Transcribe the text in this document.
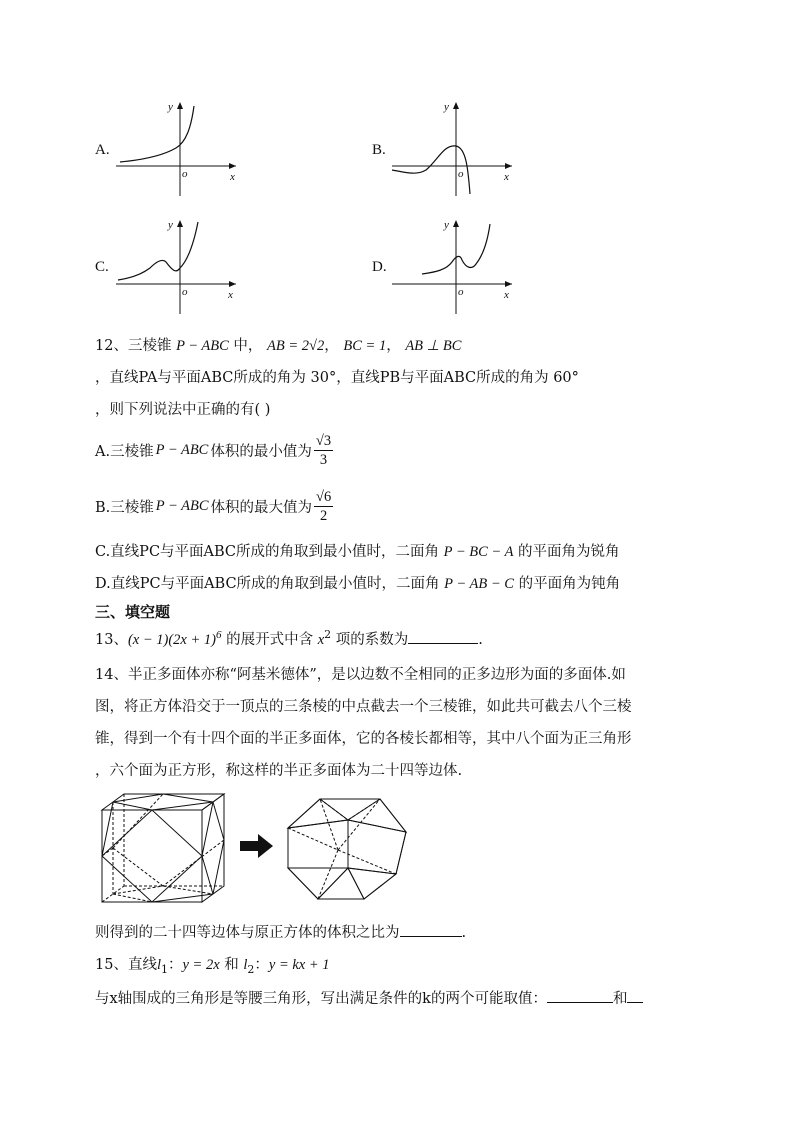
A.
y
x
o
B.
y
x
o
C.
y
x
o
D.
y
x
o
12、三棱锥 P − ABC 中， AB = 2√2， BC = 1， AB ⊥ BC
，直线PA与平面ABC所成的角为 30°，直线PB与平面ABC所成的角为 60°
，则下列说法中正确的有( )
A.三棱锥 P − ABC 体积的最小值为 $\frac{√3}{3}$
B.三棱锥 P − ABC 体积的最大值为 $\frac{√6}{2}$
C.直线PC与平面ABC所成的角取到最小值时，二面角 P − BC − A 的平面角为锐角
D.直线PC与平面ABC所成的角取到最小值时，二面角 P − AB − C 的平面角为钝角
三、填空题
13、$(x - 1)(2x + 1)^6$ 的展开式中含 $x^2$ 项的系数为	.
14、半正多面体亦称“阿基米德体”，是以边数不全相同的正多边形为面的多面体.如
图，将正方体沿交于一顶点的三条棱的中点截去一个三棱锥，如此共可截去八个三棱
锥，得到一个有十四个面的半正多面体，它的各棱长都相等，其中八个面为正三角形
，六个面为正方形，称这样的半正多面体为二十四等边体.
则得到的二十四等边体与原正方体的体积之比为	.
15、直线$l_1$：y = 2x 和 $l_2$：y = kx + 1
与x轴围成的三角形是等腰三角形，写出满足条件的k的两个可能取值：	和
